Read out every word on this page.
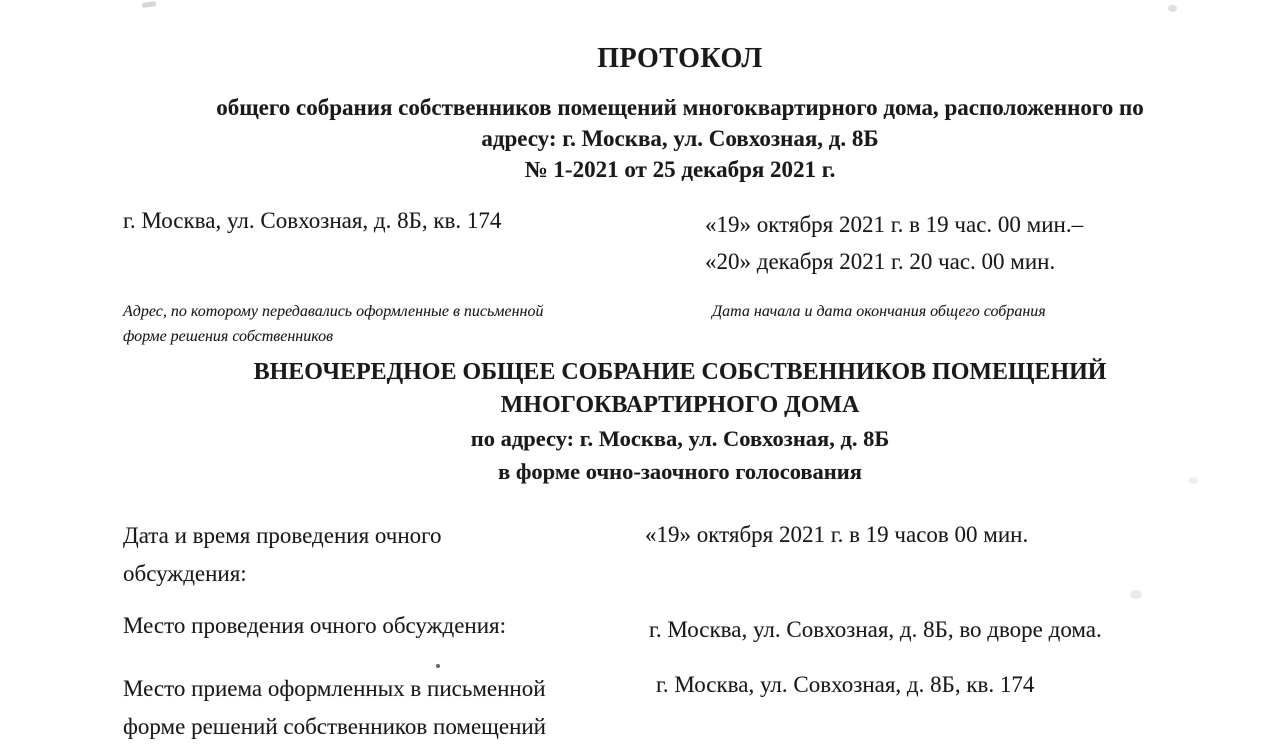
ПРОТОКОЛ
общего собрания собственников помещений многоквартирного дома, расположенного по
адресу: г. Москва, ул. Совхозная, д. 8Б
№ 1-2021 от 25 декабря 2021 г.
г. Москва, ул. Совхозная, д. 8Б, кв. 174	«19» октября 2021 г. в 19 час. 00 мин.–
«20» декабря 2021 г. 20 час. 00 мин.
Адрес, по которому передавались оформленные в письменной
форме решения собственников
Дата начала и дата окончания общего собрания
ВНЕОЧЕРЕДНОЕ ОБЩЕЕ СОБРАНИЕ СОБСТВЕННИКОВ ПОМЕЩЕНИЙ
МНОГОКВАРТИРНОГО ДОМА
по адресу: г. Москва, ул. Совхозная, д. 8Б
в форме очно-заочного голосования
Дата и время проведения очного
обсуждения:
«19» октября 2021 г. в 19 часов 00 мин.
Место проведения очного обсуждения:	г. Москва, ул. Совхозная, д. 8Б, во дворе дома.
Место приема оформленных в письменной
форме решений собственников помещений
г. Москва, ул. Совхозная, д. 8Б, кв. 174
